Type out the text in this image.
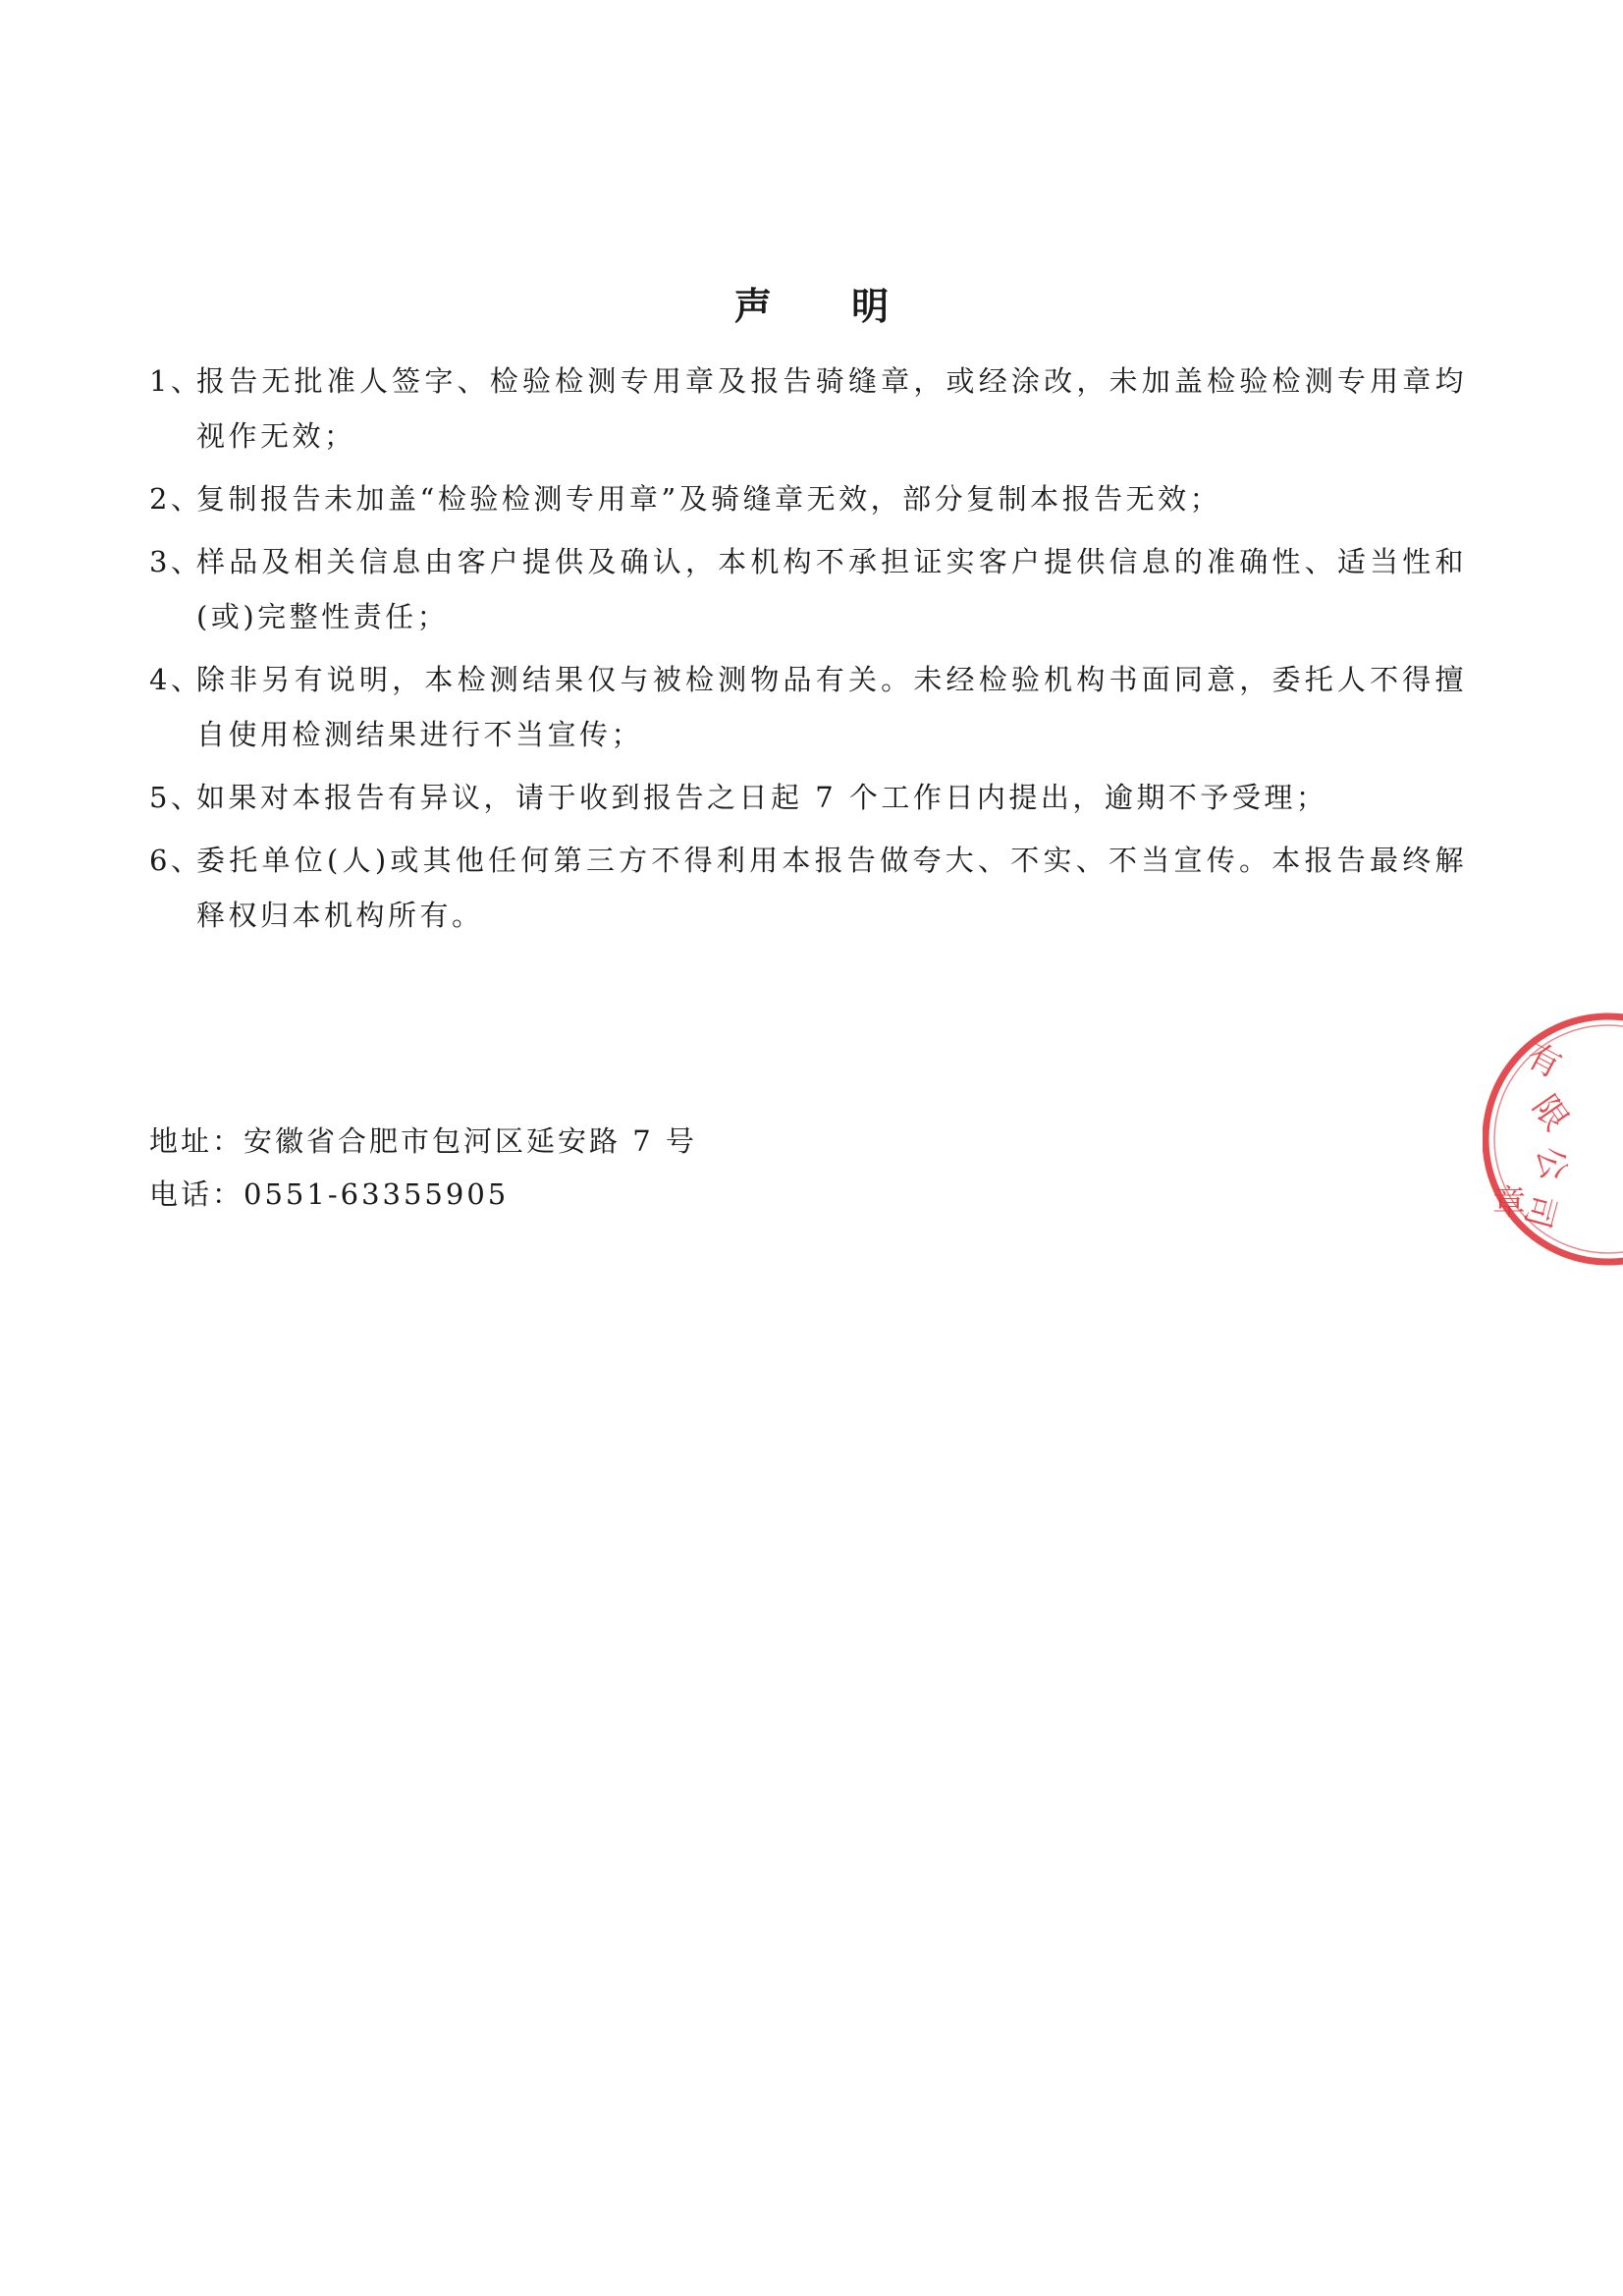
声 明
1、
报告无批准人签字、检验检测专用章及报告骑缝章，或经涂改，未加盖检验检测专用章均视作无效；
2、
复制报告未加盖“检验检测专用章”及骑缝章无效，部分复制本报告无效；
3、
样品及相关信息由客户提供及确认，本机构不承担证实客户提供信息的准确性、适当性和(或)完整性责任；
4、
除非另有说明，本检测结果仅与被检测物品有关。未经检验机构书面同意，委托人不得擅自使用检测结果进行不当宣传；
5、
如果对本报告有异议，请于收到报告之日起 7 个工作日内提出，逾期不予受理；
6、
委托单位(人)或其他任何第三方不得利用本报告做夸大、不实、不当宣传。本报告最终解释权归本机构所有。
地址：安徽省合肥市包河区延安路 7 号
电话：0551-63355905
有
限
公
司
章
